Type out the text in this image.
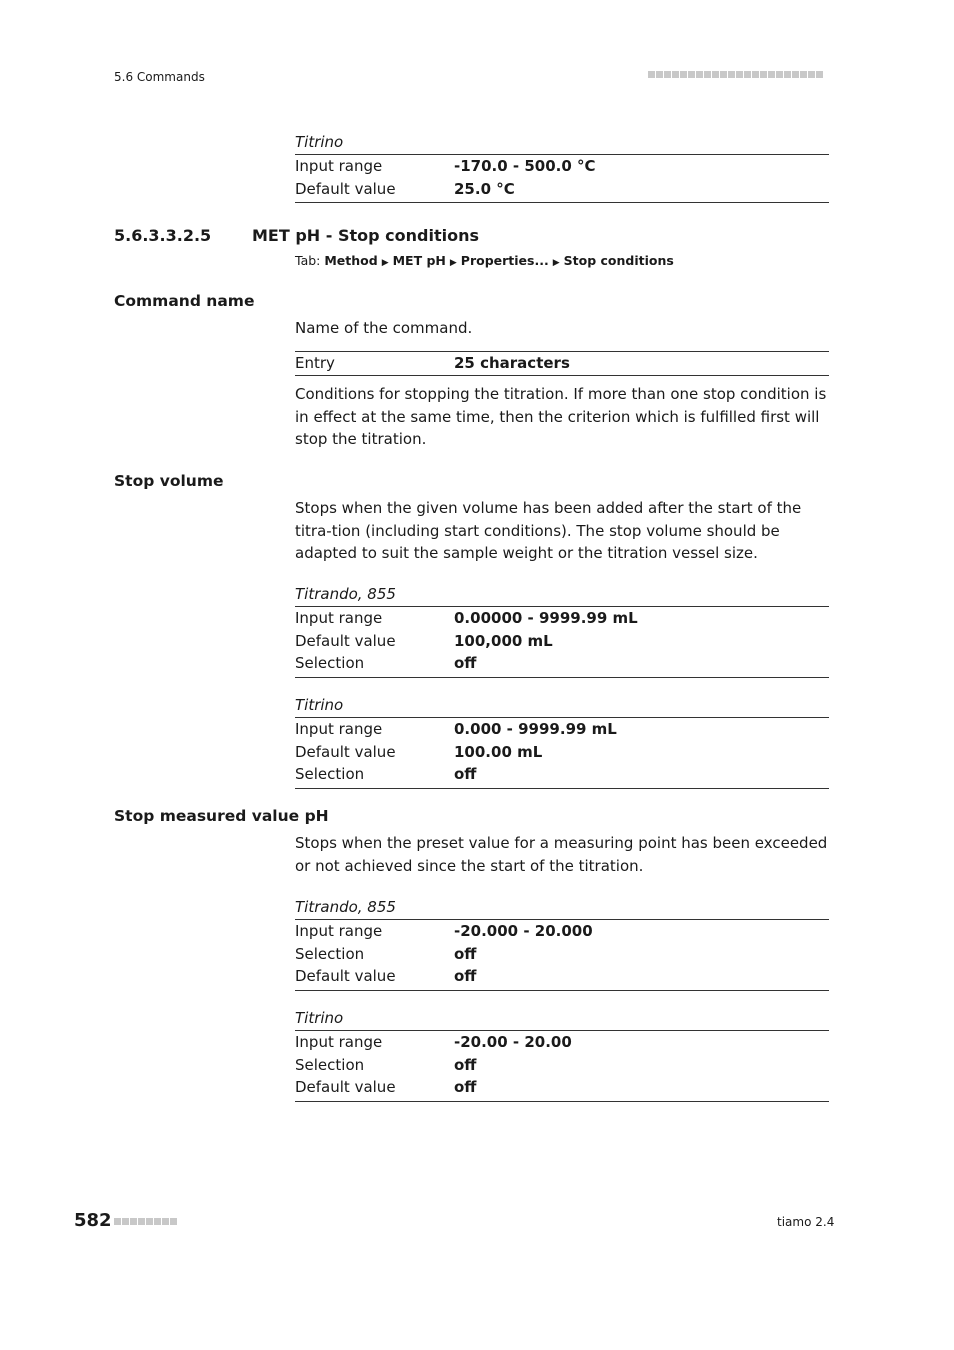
5.6 Commands
Titrino
Input range	-170.0 - 500.0 °C
Default value	25.0 °C
5.6.3.3.2.5	MET pH - Stop conditions
Tab: Method ▶ MET pH ▶ Properties... ▶ Stop conditions
Command name
Name of the command.
Entry	25 characters
Conditions for stopping the titration. If more than one stop condition is in effect at the same time, then the criterion which is fulfilled first will stop the titration.
Stop volume
Stops when the given volume has been added after the start of the titra-tion (including start conditions). The stop volume should be adapted to suit the sample weight or the titration vessel size.
Titrando, 855
Input range	0.00000 - 9999.99 mL
Default value	100,000 mL
Selection	off
Titrino
Input range	0.000 - 9999.99 mL
Default value	100.00 mL
Selection	off
Stop measured value pH
Stops when the preset value for a measuring point has been exceeded or not achieved since the start of the titration.
Titrando, 855
Input range	-20.000 - 20.000
Selection	off
Default value	off
Titrino
Input range	-20.00 - 20.00
Selection	off
Default value	off
582	tiamo 2.4
